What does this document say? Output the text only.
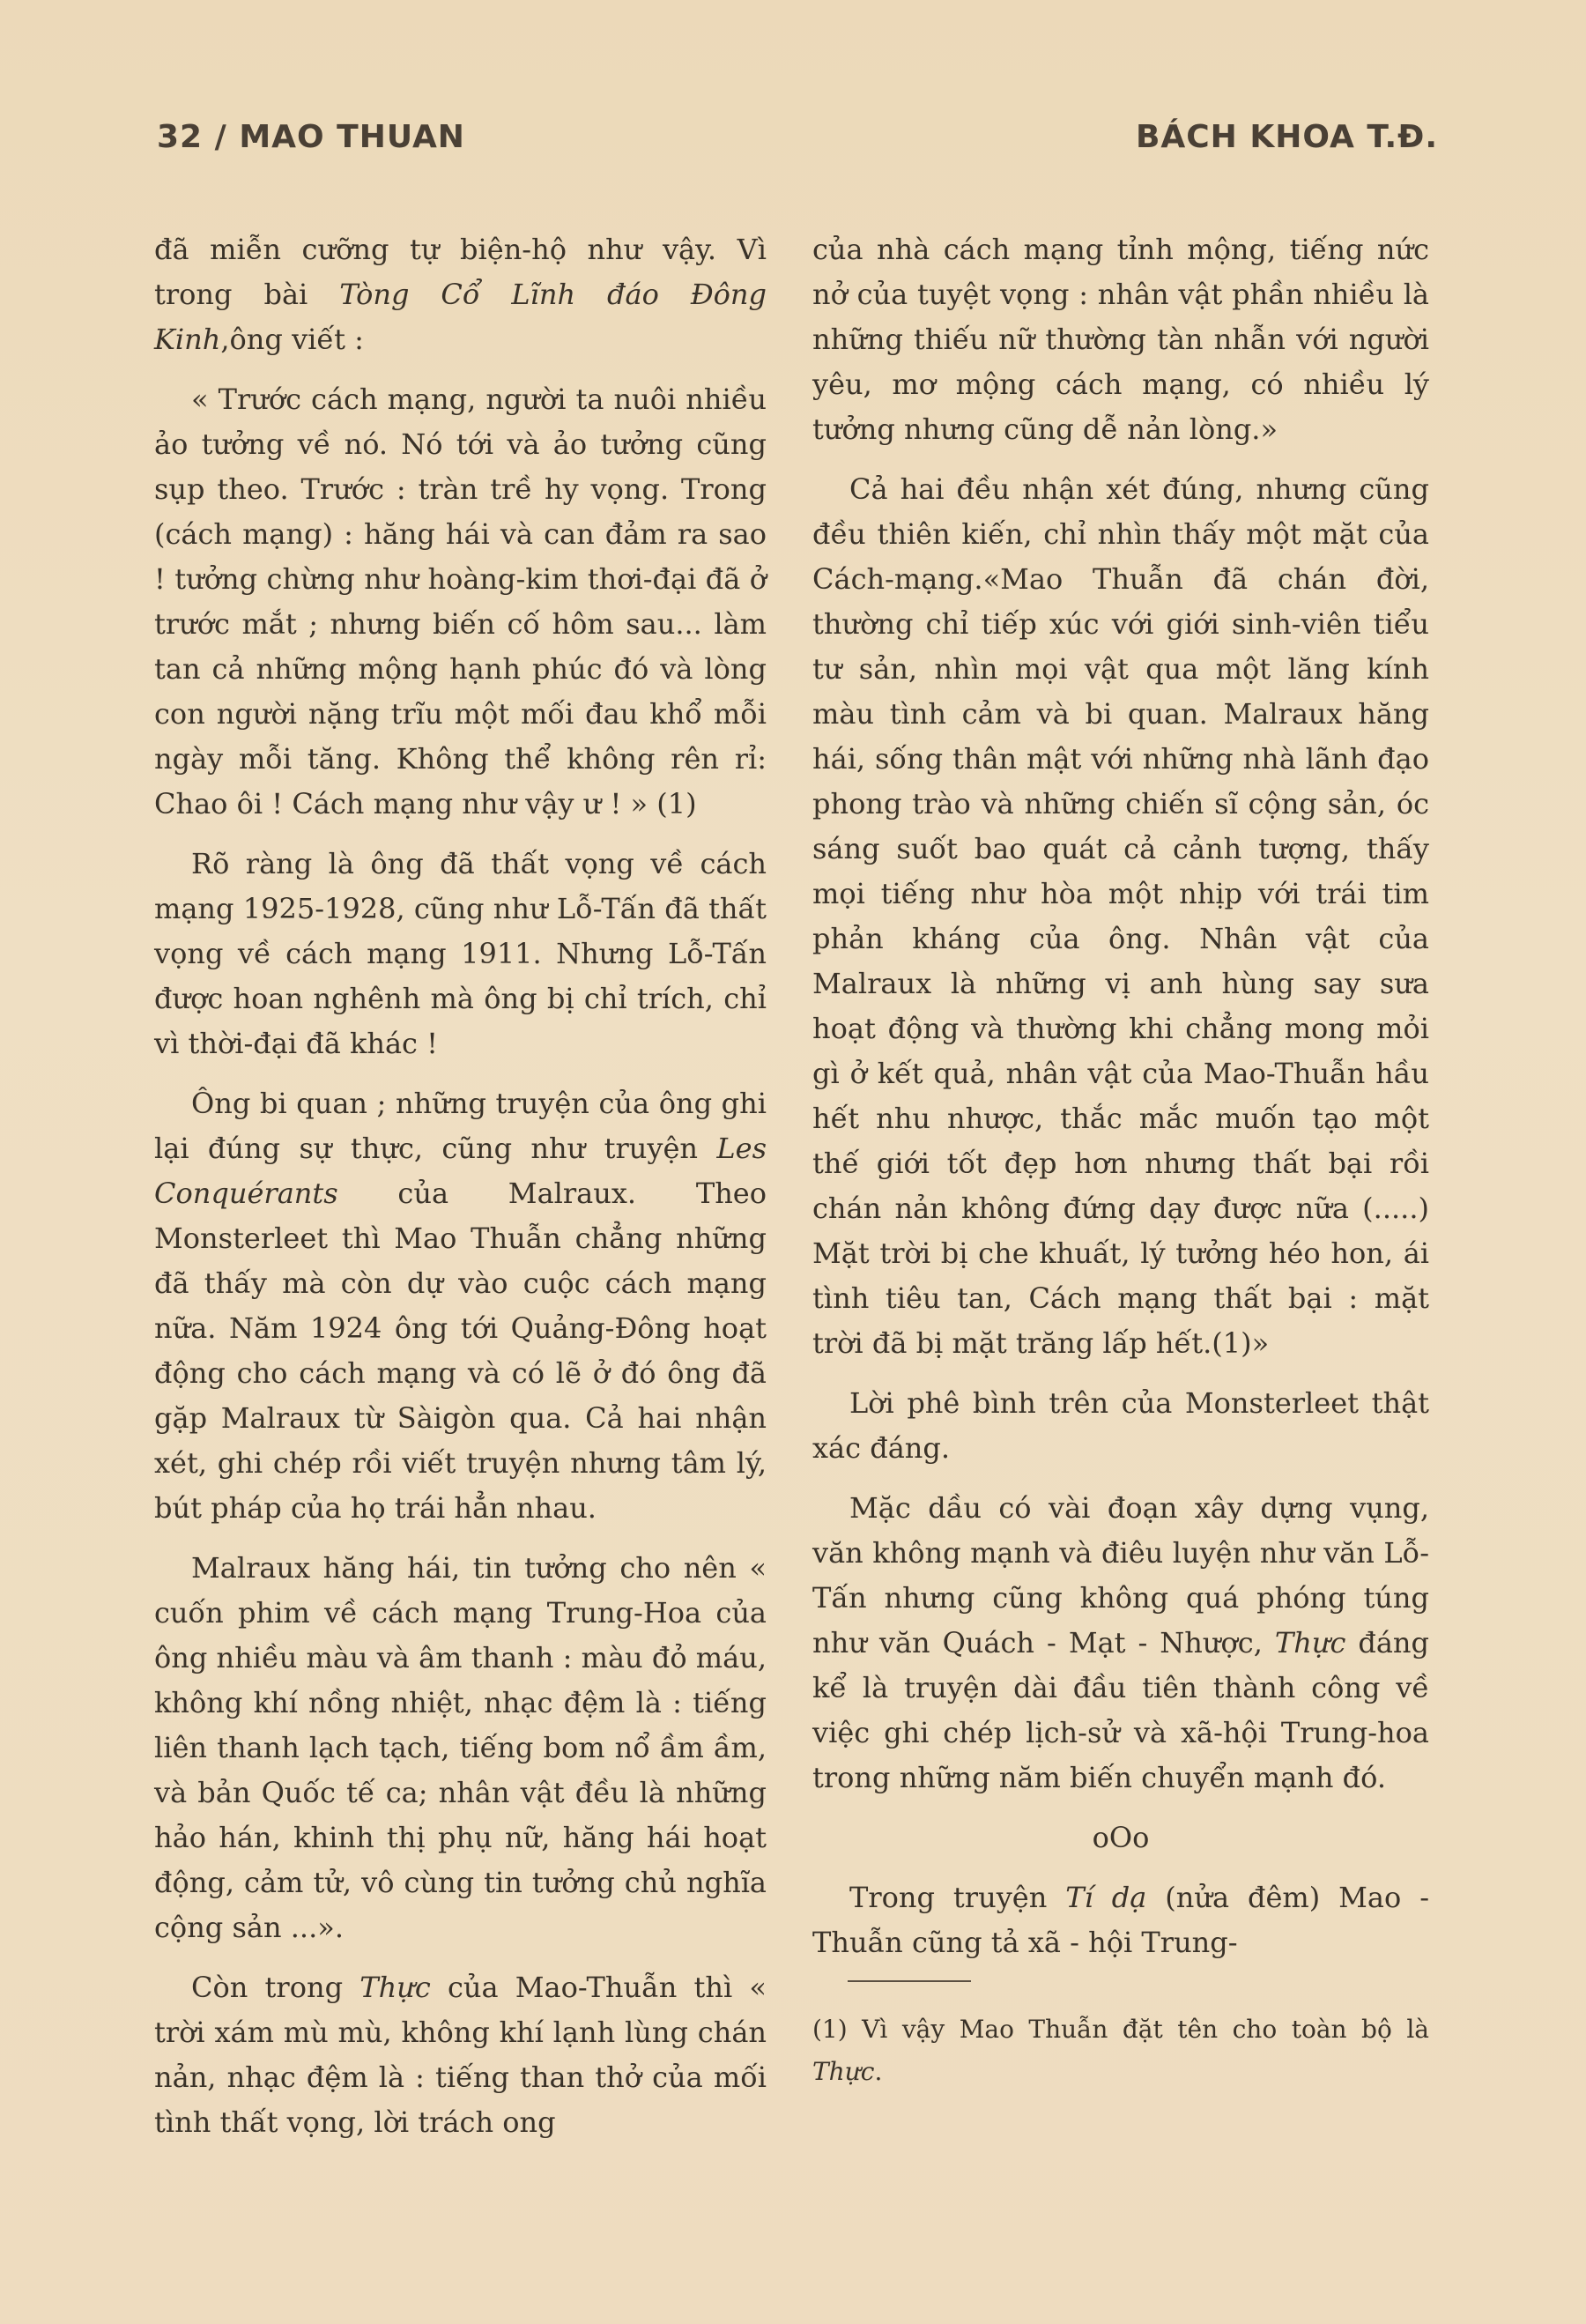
32 / MAO THUAN	BÁCH KHOA T.Đ.

đã miễn cưỡng tự biện-hộ như vậy. Vì trong bài Tòng Cổ Lĩnh đáo Đông Kinh,ông viết :

« Trước cách mạng, người ta nuôi nhiều ảo tưởng về nó. Nó tới và ảo tưởng cũng sụp theo. Trước : tràn trề hy vọng. Trong (cách mạng) : hăng hái và can đảm ra sao ! tưởng chừng như hoàng-kim thơi-đại đã ở trước mắt ; nhưng biến cố hôm sau... làm tan cả những mộng hạnh phúc đó và lòng con người nặng trĩu một mối đau khổ mỗi ngày mỗi tăng. Không thể không rên rỉ: Chao ôi ! Cách mạng như vậy ư ! » (1)

Rõ ràng là ông đã thất vọng về cách mạng 1925-1928, cũng như Lỗ-Tấn đã thất vọng về cách mạng 1911. Nhưng Lỗ-Tấn được hoan nghênh mà ông bị chỉ trích, chỉ vì thời-đại đã khác !

Ông bi quan ; những truyện của ông ghi lại đúng sự thực, cũng như truyện Les Conquérants của Malraux. Theo Monsterleet thì Mao Thuẫn chẳng những đã thấy mà còn dự vào cuộc cách mạng nữa. Năm 1924 ông tới Quảng-Đông hoạt động cho cách mạng và có lẽ ở đó ông đã gặp Malraux từ Sàigòn qua. Cả hai nhận xét, ghi chép rồi viết truyện nhưng tâm lý, bút pháp của họ trái hẳn nhau.

Malraux hăng hái, tin tưởng cho nên « cuốn phim về cách mạng Trung-Hoa của ông nhiều màu và âm thanh : màu đỏ máu, không khí nồng nhiệt, nhạc đệm là : tiếng liên thanh lạch tạch, tiếng bom nổ ầm ầm, và bản Quốc tế ca; nhân vật đều là những hảo hán, khinh thị phụ nữ, hăng hái hoạt động, cảm tử, vô cùng tin tưởng chủ nghĩa cộng sản ...».

Còn trong Thực của Mao-Thuẫn thì « trời xám mù mù, không khí lạnh lùng chán nản, nhạc đệm là : tiếng than thở của mối tình thất vọng, lời trách ong

của nhà cách mạng tỉnh mộng, tiếng nức nở của tuyệt vọng : nhân vật phần nhiều là những thiếu nữ thường tàn nhẫn với người yêu, mơ mộng cách mạng, có nhiều lý tưởng nhưng cũng dễ nản lòng.»

Cả hai đều nhận xét đúng, nhưng cũng đều thiên kiến, chỉ nhìn thấy một mặt của Cách-mạng.«Mao Thuẫn đã chán đời, thường chỉ tiếp xúc với giới sinh-viên tiểu tư sản, nhìn mọi vật qua một lăng kính màu tình cảm và bi quan. Malraux hăng hái, sống thân mật với những nhà lãnh đạo phong trào và những chiến sĩ cộng sản, óc sáng suốt bao quát cả cảnh tượng, thấy mọi tiếng như hòa một nhịp với trái tim phản kháng của ông. Nhân vật của Malraux là những vị anh hùng say sưa hoạt động và thường khi chẳng mong mỏi gì ở kết quả, nhân vật của Mao-Thuẫn hầu hết nhu nhược, thắc mắc muốn tạo một thế giới tốt đẹp hơn nhưng thất bại rồi chán nản không đứng dạy được nữa (.....) Mặt trời bị che khuất, lý tưởng héo hon, ái tình tiêu tan, Cách mạng thất bại : mặt trời đã bị mặt trăng lấp hết.(1)»

Lời phê bình trên của Monsterleet thật xác đáng.

Mặc dầu có vài đoạn xây dựng vụng, văn không mạnh và điêu luyện như văn Lỗ-Tấn nhưng cũng không quá phóng túng như văn Quách - Mạt - Nhược, Thực đáng kể là truyện dài đầu tiên thành công về việc ghi chép lịch-sử và xã-hội Trung-hoa trong những năm biến chuyển mạnh đó.

oOo

Trong truyện Tí dạ (nửa đêm) Mao - Thuẫn cũng tả xã - hội Trung-

(1) Vì vậy Mao Thuẫn đặt tên cho toàn bộ là Thực.
